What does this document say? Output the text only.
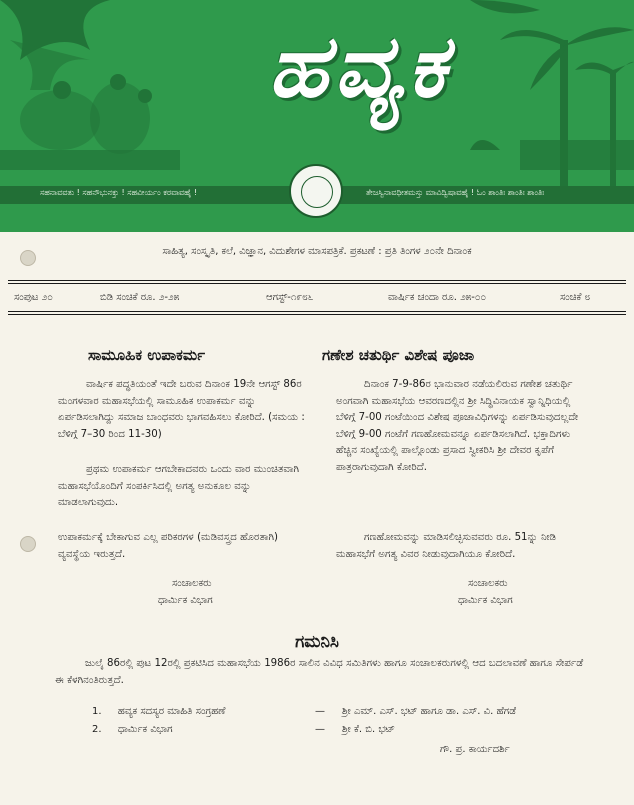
ಹವ್ಯಕ
ಸಹನಾವವತು ! ಸಹನೌಭುನಕ್ತು ! ಸಹವೀರ್ಯಂ ಕರವಾವಹೈ !	ತೇಜಸ್ವಿನಾವಧೀತಮಸ್ತು ಮಾವಿದ್ವಿಷಾವಹೈ ! ಓಂ ಶಾಂತಿಃ ಶಾಂತಿಃ ಶಾಂತಿಃ
ಸಾಹಿತ್ಯ, ಸಂಸ್ಕೃತಿ, ಕಲೆ, ವಿಜ್ಞಾನ, ವಿದುಶೇಗಳ ಮಾಸಪತ್ರಿಕೆ. ಪ್ರಕಟಣೆ : ಪ್ರತಿ ತಿಂಗಳ ೨೦ನೇ ದಿನಾಂಕ
ಸಂಪುಟ ೨೦	ಬಿಡಿ ಸಂಚಿಕೆ ರೂ. ೨-೨೫	ಆಗಸ್ಟ್-೧೯೮೬	ವಾರ್ಷಿಕ ಚಂದಾ ರೂ. ೨೫-೦೦	ಸಂಚಿಕೆ ೮
ಸಾಮೂಹಿಕ ಉಪಾಕರ್ಮ
ವಾರ್ಷಿಕ ಪದ್ಧತಿಯಂತೆ ಇದೇ ಬರುವ ದಿನಾಂಕ 19ನೇ ಆಗಸ್ಟ್ 86ರ ಮಂಗಳವಾರ ಮಹಾಸಭೆಯಲ್ಲಿ ಸಾಮೂಹಿಕ ಉಪಾಕರ್ಮ ವನ್ನು ಏರ್ಪಡಿಸಲಾಗಿದ್ದು ಸಮಾಜ ಬಾಂಧವರು ಭಾಗವಹಿಸಲು ಕೋರಿದೆ. (ಸಮಯ : ಬೆಳಿಗ್ಗೆ 7–30 ರಿಂದ 11-30)
ಪ್ರಥಮ ಉಪಾಕರ್ಮ ಆಗಬೇಕಾದವರು ಒಂದು ವಾರ ಮುಂಚಿತವಾಗಿ ಮಹಾಸಭೆಯೊಂದಿಗೆ ಸಂಪರ್ಕಿಸಿದಲ್ಲಿ ಅಗತ್ಯ ಅನುಕೂಲ ವನ್ನು ಮಾಡಲಾಗುವುದು.
ಉಪಾಕರ್ಮಕ್ಕೆ ಬೇಕಾಗುವ ಎಲ್ಲ ಪರಿಕರಗಳ (ಮಡಿವಸ್ತ್ರದ ಹೊರತಾಗಿ) ವ್ಯವಸ್ಥೆಯ ಇರುತ್ತದೆ.
ಸಂಚಾಲಕರು
ಧಾರ್ಮಿಕ ವಿಭಾಗ
ಗಣೇಶ ಚತುರ್ಥಿ ವಿಶೇಷ ಪೂಜಾ
ದಿನಾಂಕ 7-9-86ರ ಭಾನುವಾರ ನಡೆಯಲಿರುವ ಗಣೇಶ ಚತುರ್ಥಿ ಅಂಗವಾಗಿ ಮಹಾಸಭೆಯ ಆವರಣದಲ್ಲಿನ ಶ್ರೀ ಸಿದ್ಧಿವಿನಾಯಕ ಸ್ವಾನ್ನಿಧಿಯಲ್ಲಿ ಬೆಳಿಗ್ಗೆ 7-00 ಗಂಟೆಯಿಂದ ವಿಶೇಷ ಪೂಜಾವಿಧಿಗಳನ್ನು ಏರ್ಪಡಿಸುವುದಲ್ಲದೇ ಬೆಳಿಗ್ಗೆ 9-00 ಗಂಟೆಗೆ ಗಣಹೋಮವನ್ನೂ ಏರ್ಪಡಿಸಲಾಗಿದೆ. ಭಕ್ತಾದಿಗಳು ಹೆಚ್ಚಿನ ಸಂಖ್ಯೆಯಲ್ಲಿ ಪಾಲ್ಗೊಂಡು ಪ್ರಸಾದ ಸ್ವೀಕರಿಸಿ ಶ್ರೀ ದೇವರ ಕೃಪೆಗೆ ಪಾತ್ರರಾಗುವುದಾಗಿ ಕೋರಿದೆ.
ಗಣಹೋಮವನ್ನು ಮಾಡಿಸಲಿಚ್ಛಿಸುವವರು ರೂ. 51ನ್ನು ನೀಡಿ ಮಹಾಸಭೆಗೆ ಅಗತ್ಯ ವಿವರ ನೀಡುವುದಾಗಿಯೂ ಕೋರಿದೆ.
ಸಂಚಾಲಕರು
ಧಾರ್ಮಿಕ ವಿಭಾಗ
ಗಮನಿಸಿ
ಜುಲೈ 86ರಲ್ಲಿ ಪುಟ 12ರಲ್ಲಿ ಪ್ರಕಟಿಸಿದ ಮಹಾಸಭೆಯ 1986ರ ಸಾಲಿನ ವಿವಿಧ ಸಮಿತಿಗಳು ಹಾಗೂ ಸಂಚಾಲಕರುಗಳಲ್ಲಿ ಆದ ಬದಲಾವಣೆ ಹಾಗೂ ಸೇರ್ಪಡೆ ಈ ಕೆಳಗಿನಂತಿರುತ್ತದೆ.
1. ಹವ್ಯಕ ಸದಸ್ಯರ ಮಾಹಿತಿ ಸಂಗ್ರಹಣೆ	— ಶ್ರೀ ಎಮ್. ಎಸ್. ಭಟ್ ಹಾಗೂ ಡಾ. ಎಸ್. ವಿ. ಹೆಗಡೆ
2. ಧಾರ್ಮಿಕ ವಿಭಾಗ	— ಶ್ರೀ ಕೆ. ಬಿ. ಭಟ್
ಗೌ. ಪ್ರ. ಕಾರ್ಯದರ್ಶಿ
